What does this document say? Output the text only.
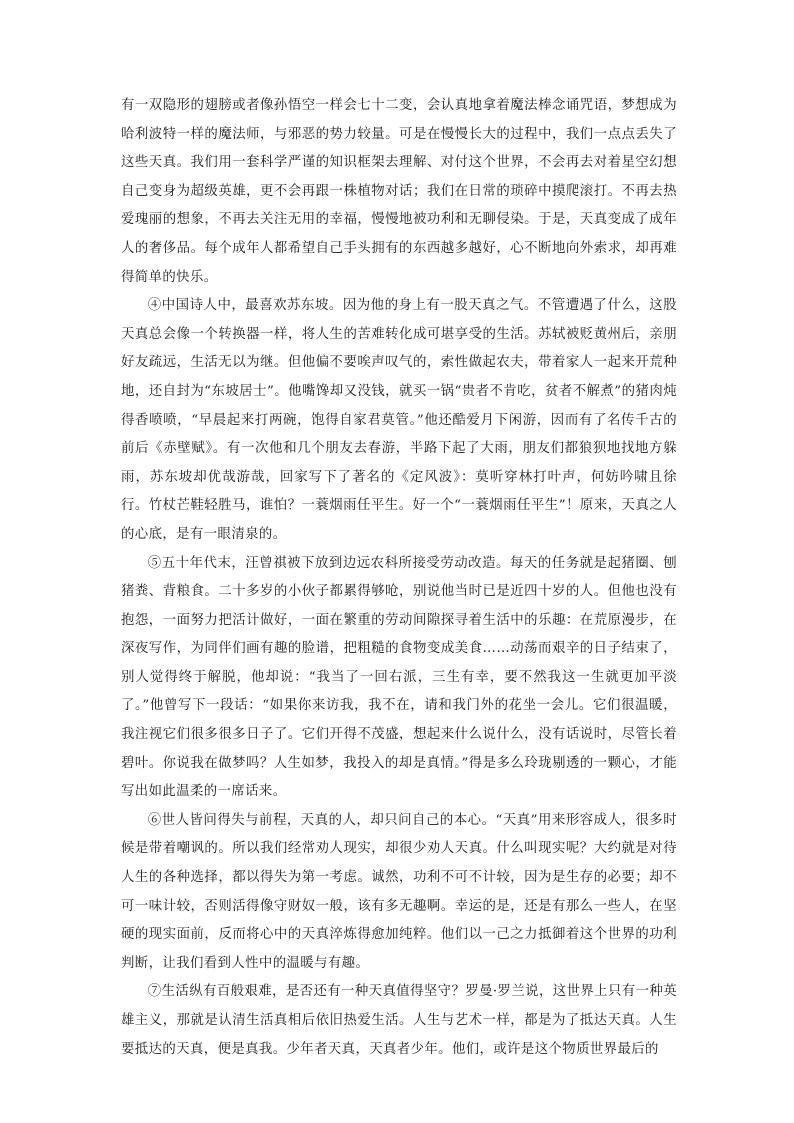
有一双隐形的翅膀或者像孙悟空一样会七十二变，会认真地拿着魔法棒念诵咒语，梦想成为哈利波特一样的魔法师，与邪恶的势力较量。可是在慢慢长大的过程中，我们一点点丢失了这些天真。我们用一套科学严谨的知识框架去理解、对付这个世界，不会再去对着星空幻想自己变身为超级英雄，更不会再跟一株植物对话；我们在日常的琐碎中摸爬滚打。不再去热爱瑰丽的想象，不再去关注无用的幸福，慢慢地被功利和无聊侵染。于是，天真变成了成年人的奢侈品。每个成年人都希望自己手头拥有的东西越多越好，心不断地向外索求，却再难得简单的快乐。

④中国诗人中，最喜欢苏东坡。因为他的身上有一股天真之气。不管遭遇了什么，这股天真总会像一个转换器一样，将人生的苦难转化成可堪享受的生活。苏轼被贬黄州后，亲朋好友疏远，生活无以为继。但他偏不要唉声叹气的，索性做起农夫，带着家人一起来开荒种地，还自封为“东坡居士”。他嘴馋却又没钱，就买一锅“贵者不肯吃，贫者不解煮”的猪肉炖得香喷喷，“早晨起来打两碗，饱得自家君莫管。”他还酷爱月下闲游，因而有了名传千古的前后《赤壁赋》。有一次他和几个朋友去春游，半路下起了大雨，朋友们都狼狈地找地方躲雨，苏东坡却优哉游哉，回家写下了著名的《定风波》：莫听穿林打叶声，何妨吟啸且徐行。竹杖芒鞋轻胜马，谁怕？一蓑烟雨任平生。好一个“一蓑烟雨任平生”！原来，天真之人的心底，是有一眼清泉的。

⑤五十年代末，汪曾祺被下放到边远农科所接受劳动改造。每天的任务就是起猪圈、刨猪粪、背粮食。二十多岁的小伙子都累得够呛，别说他当时已是近四十岁的人。但他也没有抱怨，一面努力把活计做好，一面在繁重的劳动间隙探寻着生活中的乐趣：在荒原漫步，在深夜写作，为同伴们画有趣的脸谱，把粗糙的食物变成美食……动荡而艰辛的日子结束了，别人觉得终于解脱，他却说：“我当了一回右派，三生有幸，要不然我这一生就更加平淡了。”他曾写下一段话：“如果你来访我，我不在，请和我门外的花坐一会儿。它们很温暖，我注视它们很多很多日子了。它们开得不茂盛，想起来什么说什么，没有话说时，尽管长着碧叶。你说我在做梦吗？人生如梦，我投入的却是真情。”得是多么玲珑剔透的一颗心，才能写出如此温柔的一席话来。

⑥世人皆问得失与前程，天真的人，却只问自己的本心。“天真”用来形容成人，很多时候是带着嘲讽的。所以我们经常劝人现实，却很少劝人天真。什么叫现实呢？大约就是对待人生的各种选择，都以得失为第一考虑。诚然，功利不可不计较，因为是生存的必要；却不可一味计较，否则活得像守财奴一般，该有多无趣啊。幸运的是，还是有那么一些人，在坚硬的现实面前，反而将心中的天真淬炼得愈加纯粹。他们以一己之力抵御着这个世界的功利判断，让我们看到人性中的温暖与有趣。

⑦生活纵有百般艰难，是否还有一种天真值得坚守？罗曼·罗兰说，这世界上只有一种英雄主义，那就是认清生活真相后依旧热爱生活。人生与艺术一样，都是为了抵达天真。人生要抵达的天真，便是真我。少年者天真，天真者少年。他们，或许是这个物质世界最后的
